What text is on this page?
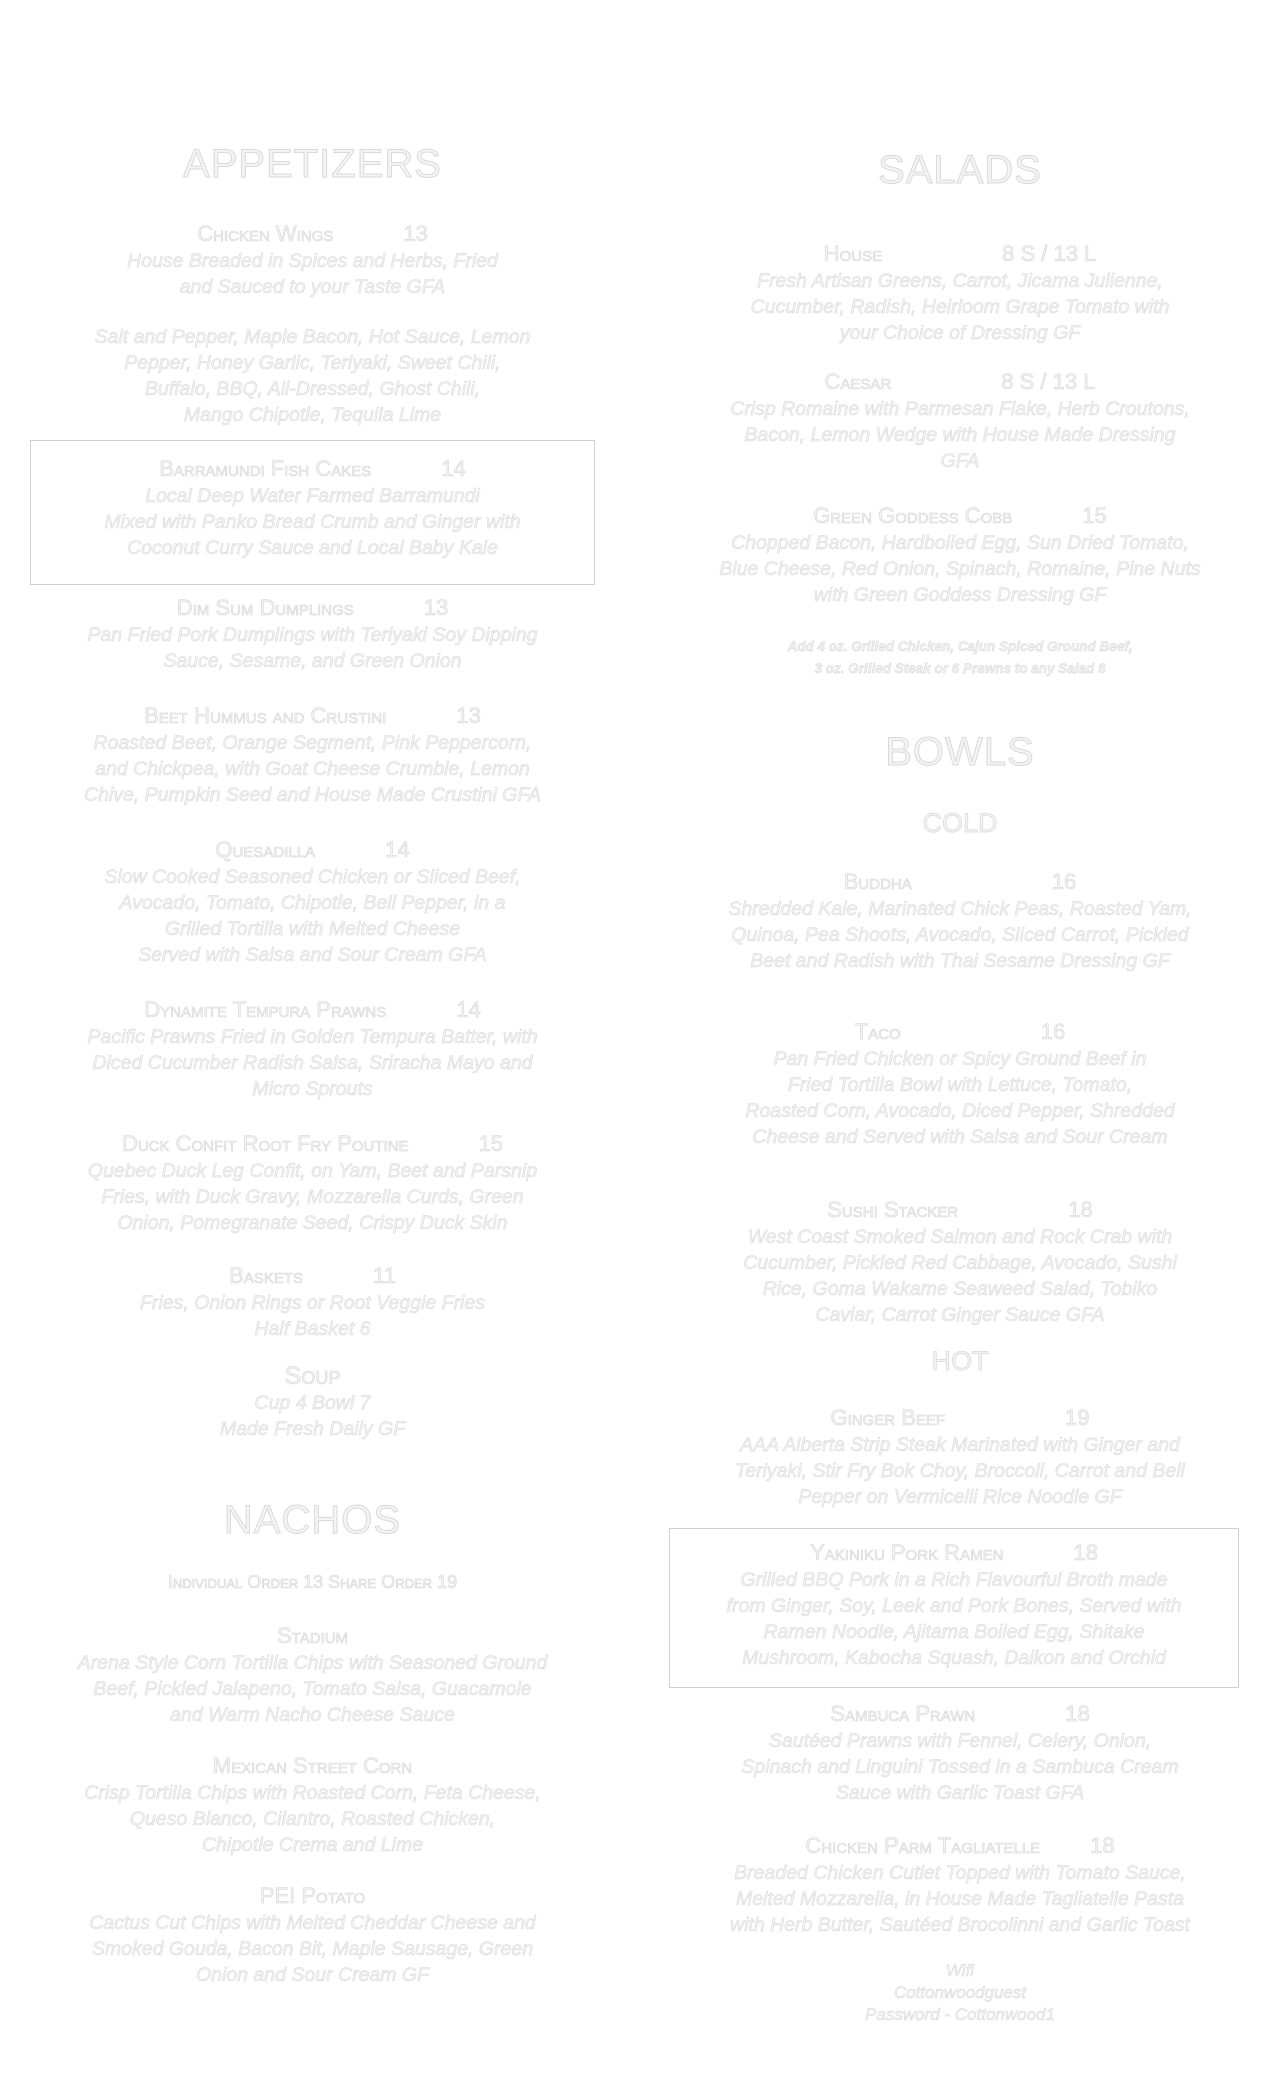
APPETIZERS
Chicken Wings	13
House Breaded in Spices and Herbs, Fried
and Sauced to your Taste GFA
Salt and Pepper, Maple Bacon, Hot Sauce, Lemon
Pepper, Honey Garlic, Teriyaki, Sweet Chili,
Buffalo, BBQ, All-Dressed, Ghost Chili,
Mango Chipotle, Tequila Lime
Barramundi Fish Cakes	14
Local Deep Water Farmed Barramundi
Mixed with Panko Bread Crumb and Ginger with
Coconut Curry Sauce and Local Baby Kale
Dim Sum Dumplings	13
Pan Fried Pork Dumplings with Teriyaki Soy Dipping
Sauce, Sesame, and Green Onion
Beet Hummus and Crustini	13
Roasted Beet, Orange Segment, Pink Peppercorn,
and Chickpea, with Goat Cheese Crumble, Lemon
Chive, Pumpkin Seed and House Made Crustini GFA
Quesadilla	14
Slow Cooked Seasoned Chicken or Sliced Beef,
Avocado, Tomato, Chipotle, Bell Pepper, in a
Grilled Tortilla with Melted Cheese
Served with Salsa and Sour Cream GFA
Dynamite Tempura Prawns	14
Pacific Prawns Fried in Golden Tempura Batter, with
Diced Cucumber Radish Salsa, Sriracha Mayo and
Micro Sprouts
Duck Confit Root Fry Poutine	15
Quebec Duck Leg Confit, on Yam, Beet and Parsnip
Fries, with Duck Gravy, Mozzarella Curds, Green
Onion, Pomegranate Seed, Crispy Duck Skin
Baskets	11
Fries, Onion Rings or Root Veggie Fries
Half Basket 6
Soup
Cup 4 Bowl 7
Made Fresh Daily GF
NACHOS
Individual Order 13 Share Order 19
Stadium
Arena Style Corn Tortilla Chips with Seasoned Ground
Beef, Pickled Jalapeno, Tomato Salsa, Guacamole
and Warm Nacho Cheese Sauce
Mexican Street Corn
Crisp Tortilla Chips with Roasted Corn, Feta Cheese,
Queso Blanco, Cilantro, Roasted Chicken,
Chipotle Crema and Lime
PEI Potato
Cactus Cut Chips with Melted Cheddar Cheese and
Smoked Gouda, Bacon Bit, Maple Sausage, Green
Onion and Sour Cream GF
SALADS
House	8 S / 13 L
Fresh Artisan Greens, Carrot, Jicama Julienne,
Cucumber, Radish, Heirloom Grape Tomato with
your Choice of Dressing GF
Caesar	8 S / 13 L
Crisp Romaine with Parmesan Flake, Herb Croutons,
Bacon, Lemon Wedge with House Made Dressing
GFA
Green Goddess Cobb	15
Chopped Bacon, Hardboiled Egg, Sun Dried Tomato,
Blue Cheese, Red Onion, Spinach, Romaine, Pine Nuts
with Green Goddess Dressing GF
Add 4 oz. Grilled Chicken, Cajun Spiced Ground Beef,
3 oz. Grilled Steak or 6 Prawns to any Salad 6
BOWLS
COLD
Buddha	16
Shredded Kale, Marinated Chick Peas, Roasted Yam,
Quinoa, Pea Shoots, Avocado, Sliced Carrot, Pickled
Beet and Radish with Thai Sesame Dressing GF
Taco	16
Pan Fried Chicken or Spicy Ground Beef in
Fried Tortilla Bowl with Lettuce, Tomato,
Roasted Corn, Avocado, Diced Pepper, Shredded
Cheese and Served with Salsa and Sour Cream
Sushi Stacker	18
West Coast Smoked Salmon and Rock Crab with
Cucumber, Pickled Red Cabbage, Avocado, Sushi
Rice, Goma Wakame Seaweed Salad, Tobiko
Caviar, Carrot Ginger Sauce GFA
HOT
Ginger Beef	19
AAA Alberta Strip Steak Marinated with Ginger and
Teriyaki, Stir Fry Bok Choy, Broccoli, Carrot and Bell
Pepper on Vermicelli Rice Noodle GF
Yakiniku Pork Ramen	18
Grilled BBQ Pork in a Rich Flavourful Broth made
from Ginger, Soy, Leek and Pork Bones, Served with
Ramen Noodle, Ajitama Boiled Egg, Shitake
Mushroom, Kabocha Squash, Daikon and Orchid
Sambuca Prawn	18
Sautéed Prawns with Fennel, Celery, Onion,
Spinach and Linguini Tossed in a Sambuca Cream
Sauce with Garlic Toast GFA
Chicken Parm Tagliatelle 18
Breaded Chicken Cutlet Topped with Tomato Sauce,
Melted Mozzarella, in House Made Tagliatelle Pasta
with Herb Butter, Sautéed Brocolinni and Garlic Toast
Wifi
Cottonwoodguest
Password - Cottonwood1
